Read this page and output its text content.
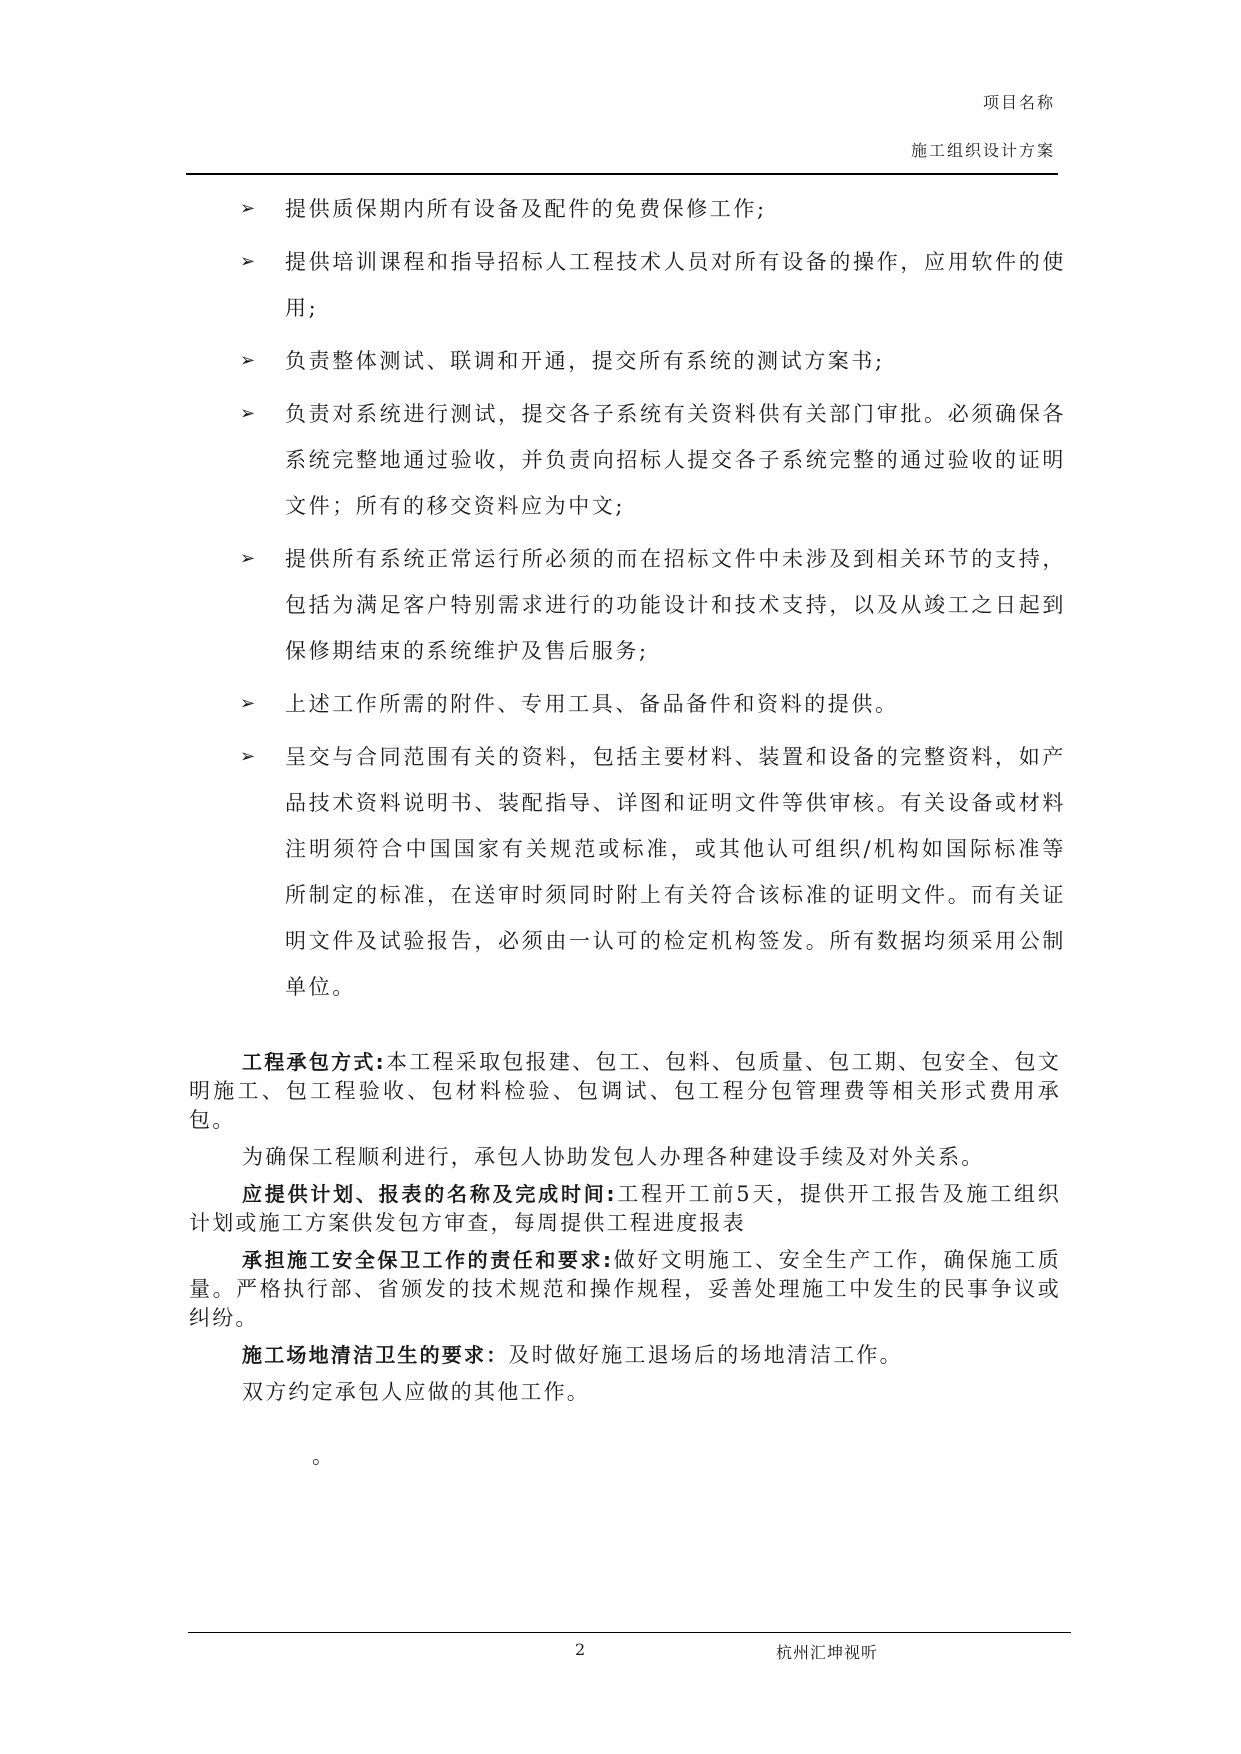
项目名称
施工组织设计方案
➢	提供质保期内所有设备及配件的免费保修工作;
➢	提供培训课程和指导招标人工程技术人员对所有设备的操作，应用软件的使用;
➢	负责整体测试、联调和开通，提交所有系统的测试方案书;
➢	负责对系统进行测试，提交各子系统有关资料供有关部门审批。必须确保各系统完整地通过验收，并负责向招标人提交各子系统完整的通过验收的证明文件；所有的移交资料应为中文;
➢	提供所有系统正常运行所必须的而在招标文件中未涉及到相关环节的支持，包括为满足客户特别需求进行的功能设计和技术支持，以及从竣工之日起到保修期结束的系统维护及售后服务;
➢	上述工作所需的附件、专用工具、备品备件和资料的提供。
➢	呈交与合同范围有关的资料，包括主要材料、装置和设备的完整资料，如产品技术资料说明书、装配指导、详图和证明文件等供审核。有关设备或材料注明须符合中国国家有关规范或标准，或其他认可组织/机构如国际标准等所制定的标准，在送审时须同时附上有关符合该标准的证明文件。而有关证明文件及试验报告，必须由一认可的检定机构签发。所有数据均须采用公制单位。

工程承包方式:本工程采取包报建、包工、包料、包质量、包工期、包安全、包文明施工、包工程验收、包材料检验、包调试、包工程分包管理费等相关形式费用承包。

为确保工程顺利进行，承包人协助发包人办理各种建设手续及对外关系。

应提供计划、报表的名称及完成时间:工程开工前5天，提供开工报告及施工组织计划或施工方案供发包方审查，每周提供工程进度报表

承担施工安全保卫工作的责任和要求:做好文明施工、安全生产工作，确保施工质量。严格执行部、省颁发的技术规范和操作规程，妥善处理施工中发生的民事争议或纠纷。

施工场地清洁卫生的要求：及时做好施工退场后的场地清洁工作。

双方约定承包人应做的其他工作。

。
2	杭州汇坤视听
